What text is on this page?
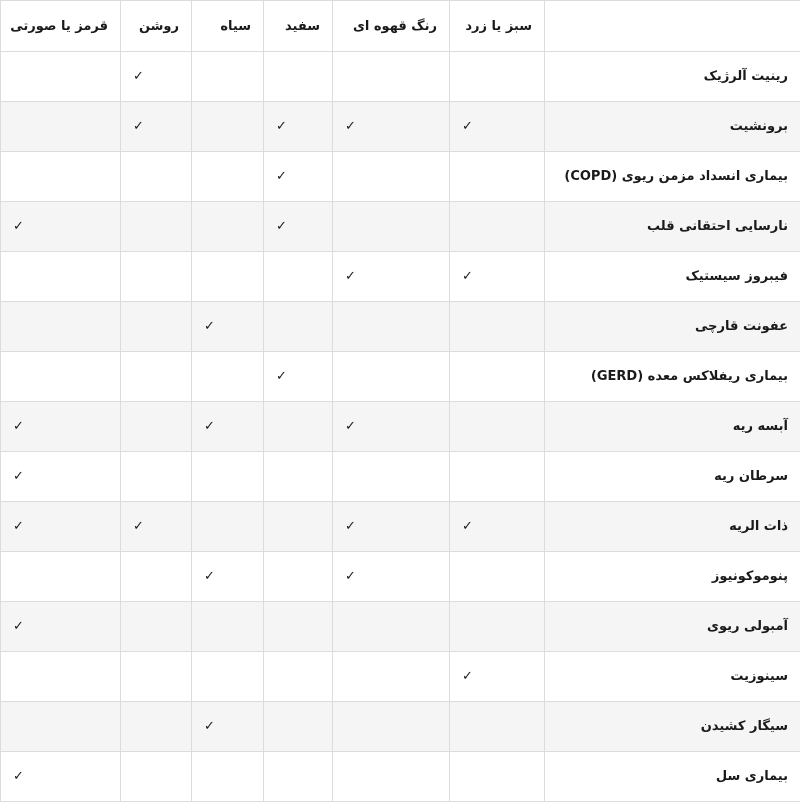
	سبز یا زرد	رنگ قهوه ای	سفید	سیاه	روشن	قرمز یا صورتی
رینیت آلرژیک					✓	
برونشیت	✓	✓	✓		✓	
بیماری انسداد مزمن ریوی (COPD)			✓			
نارسایی احتقانی قلب			✓			✓
فیبروز سیستیک	✓	✓				
عفونت قارچی				✓		
بیماری ریفلاکس معده (GERD)			✓			
آبسه ریه		✓		✓		✓
سرطان ریه						✓
ذات الریه	✓	✓			✓	✓
پنوموکونیوز		✓		✓		
آمبولی ریوی						✓
سینوزیت	✓					
سیگار کشیدن				✓		
بیماری سل						✓
